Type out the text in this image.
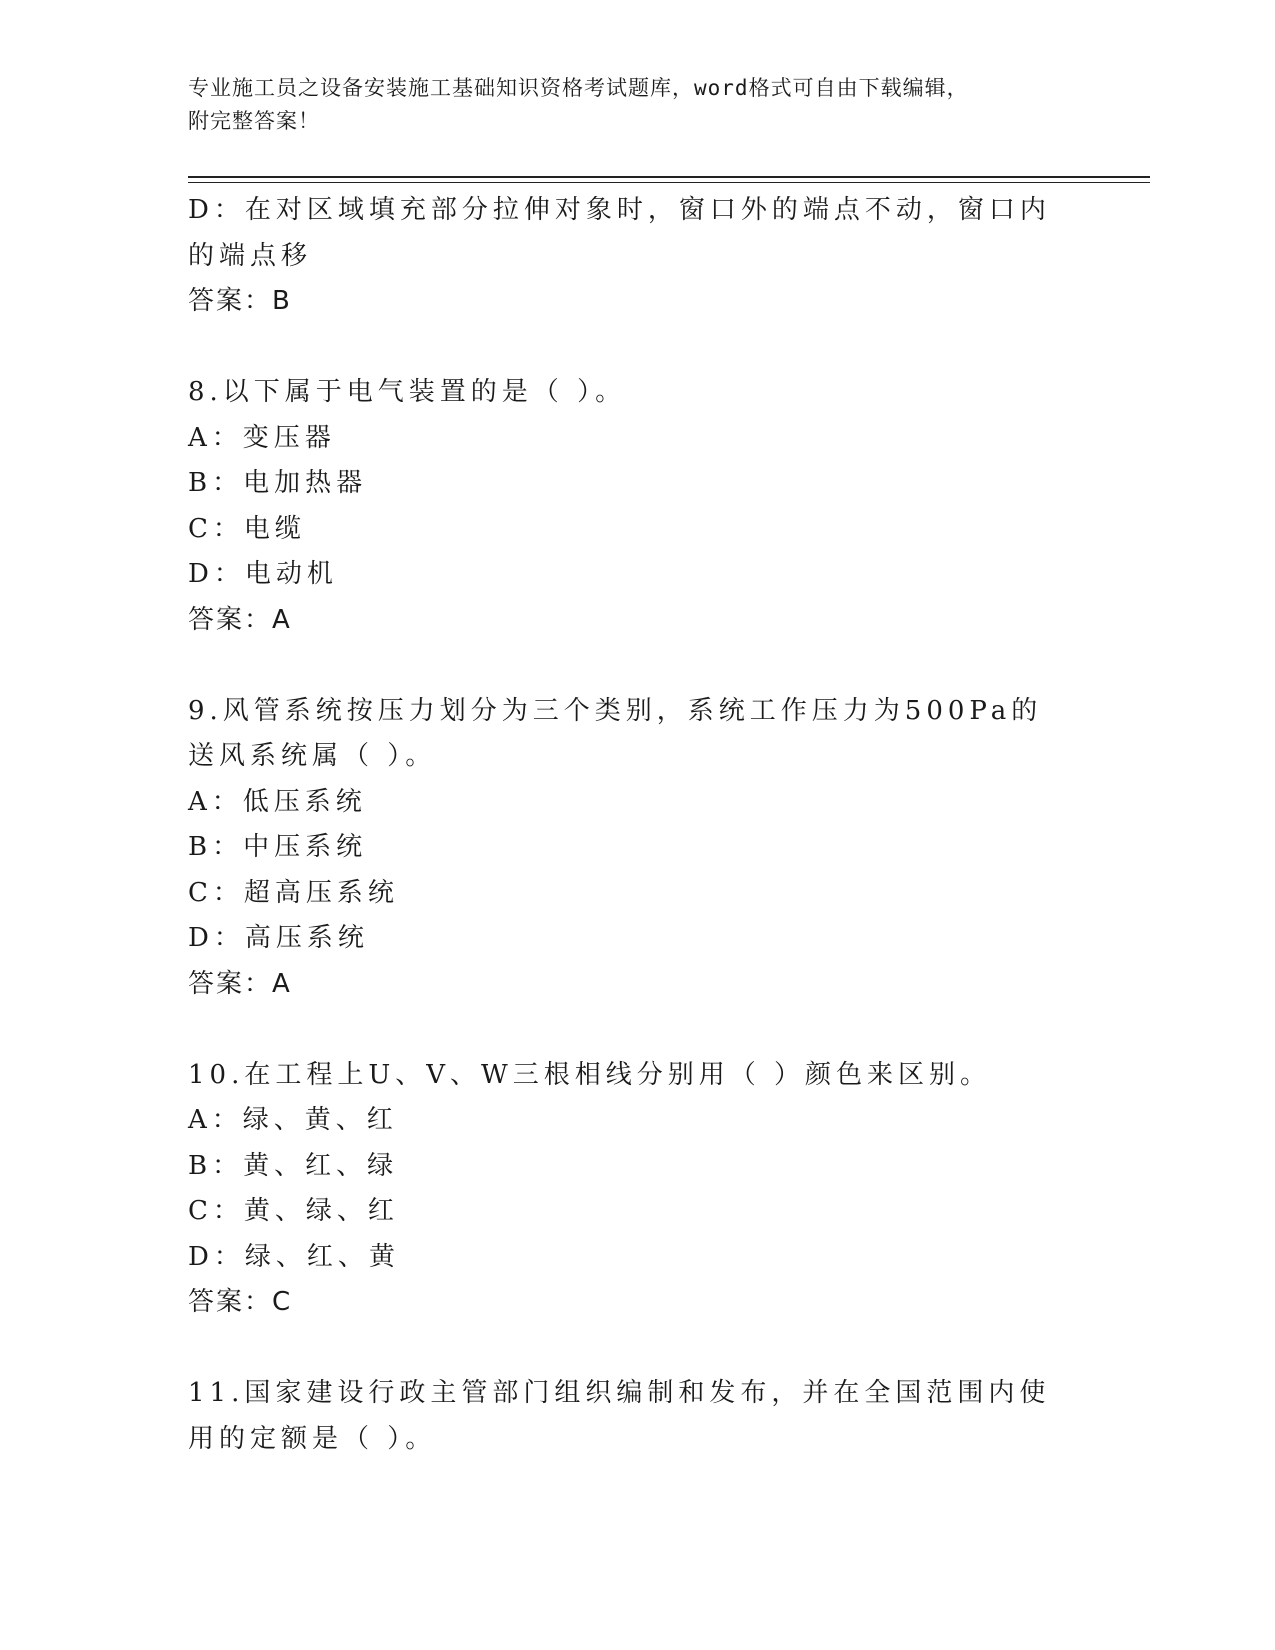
专业施工员之设备安装施工基础知识资格考试题库，word格式可自由下载编辑，
附完整答案！

D：在对区域填充部分拉伸对象时，窗口外的端点不动，窗口内的端点移

答案：B

8.以下属于电气装置的是（ ）。

A：变压器

B：电加热器

C：电缆

D：电动机

答案：A

9.风管系统按压力划分为三个类别，系统工作压力为500Pa的送风系统属（ ）。

A：低压系统

B：中压系统

C：超高压系统

D：高压系统

答案：A

10.在工程上U、V、W三根相线分别用（ ）颜色来区别。

A：绿、黄、红

B：黄、红、绿

C：黄、绿、红

D：绿、红、黄

答案：C

11.国家建设行政主管部门组织编制和发布，并在全国范围内使用的定额是（ ）。
